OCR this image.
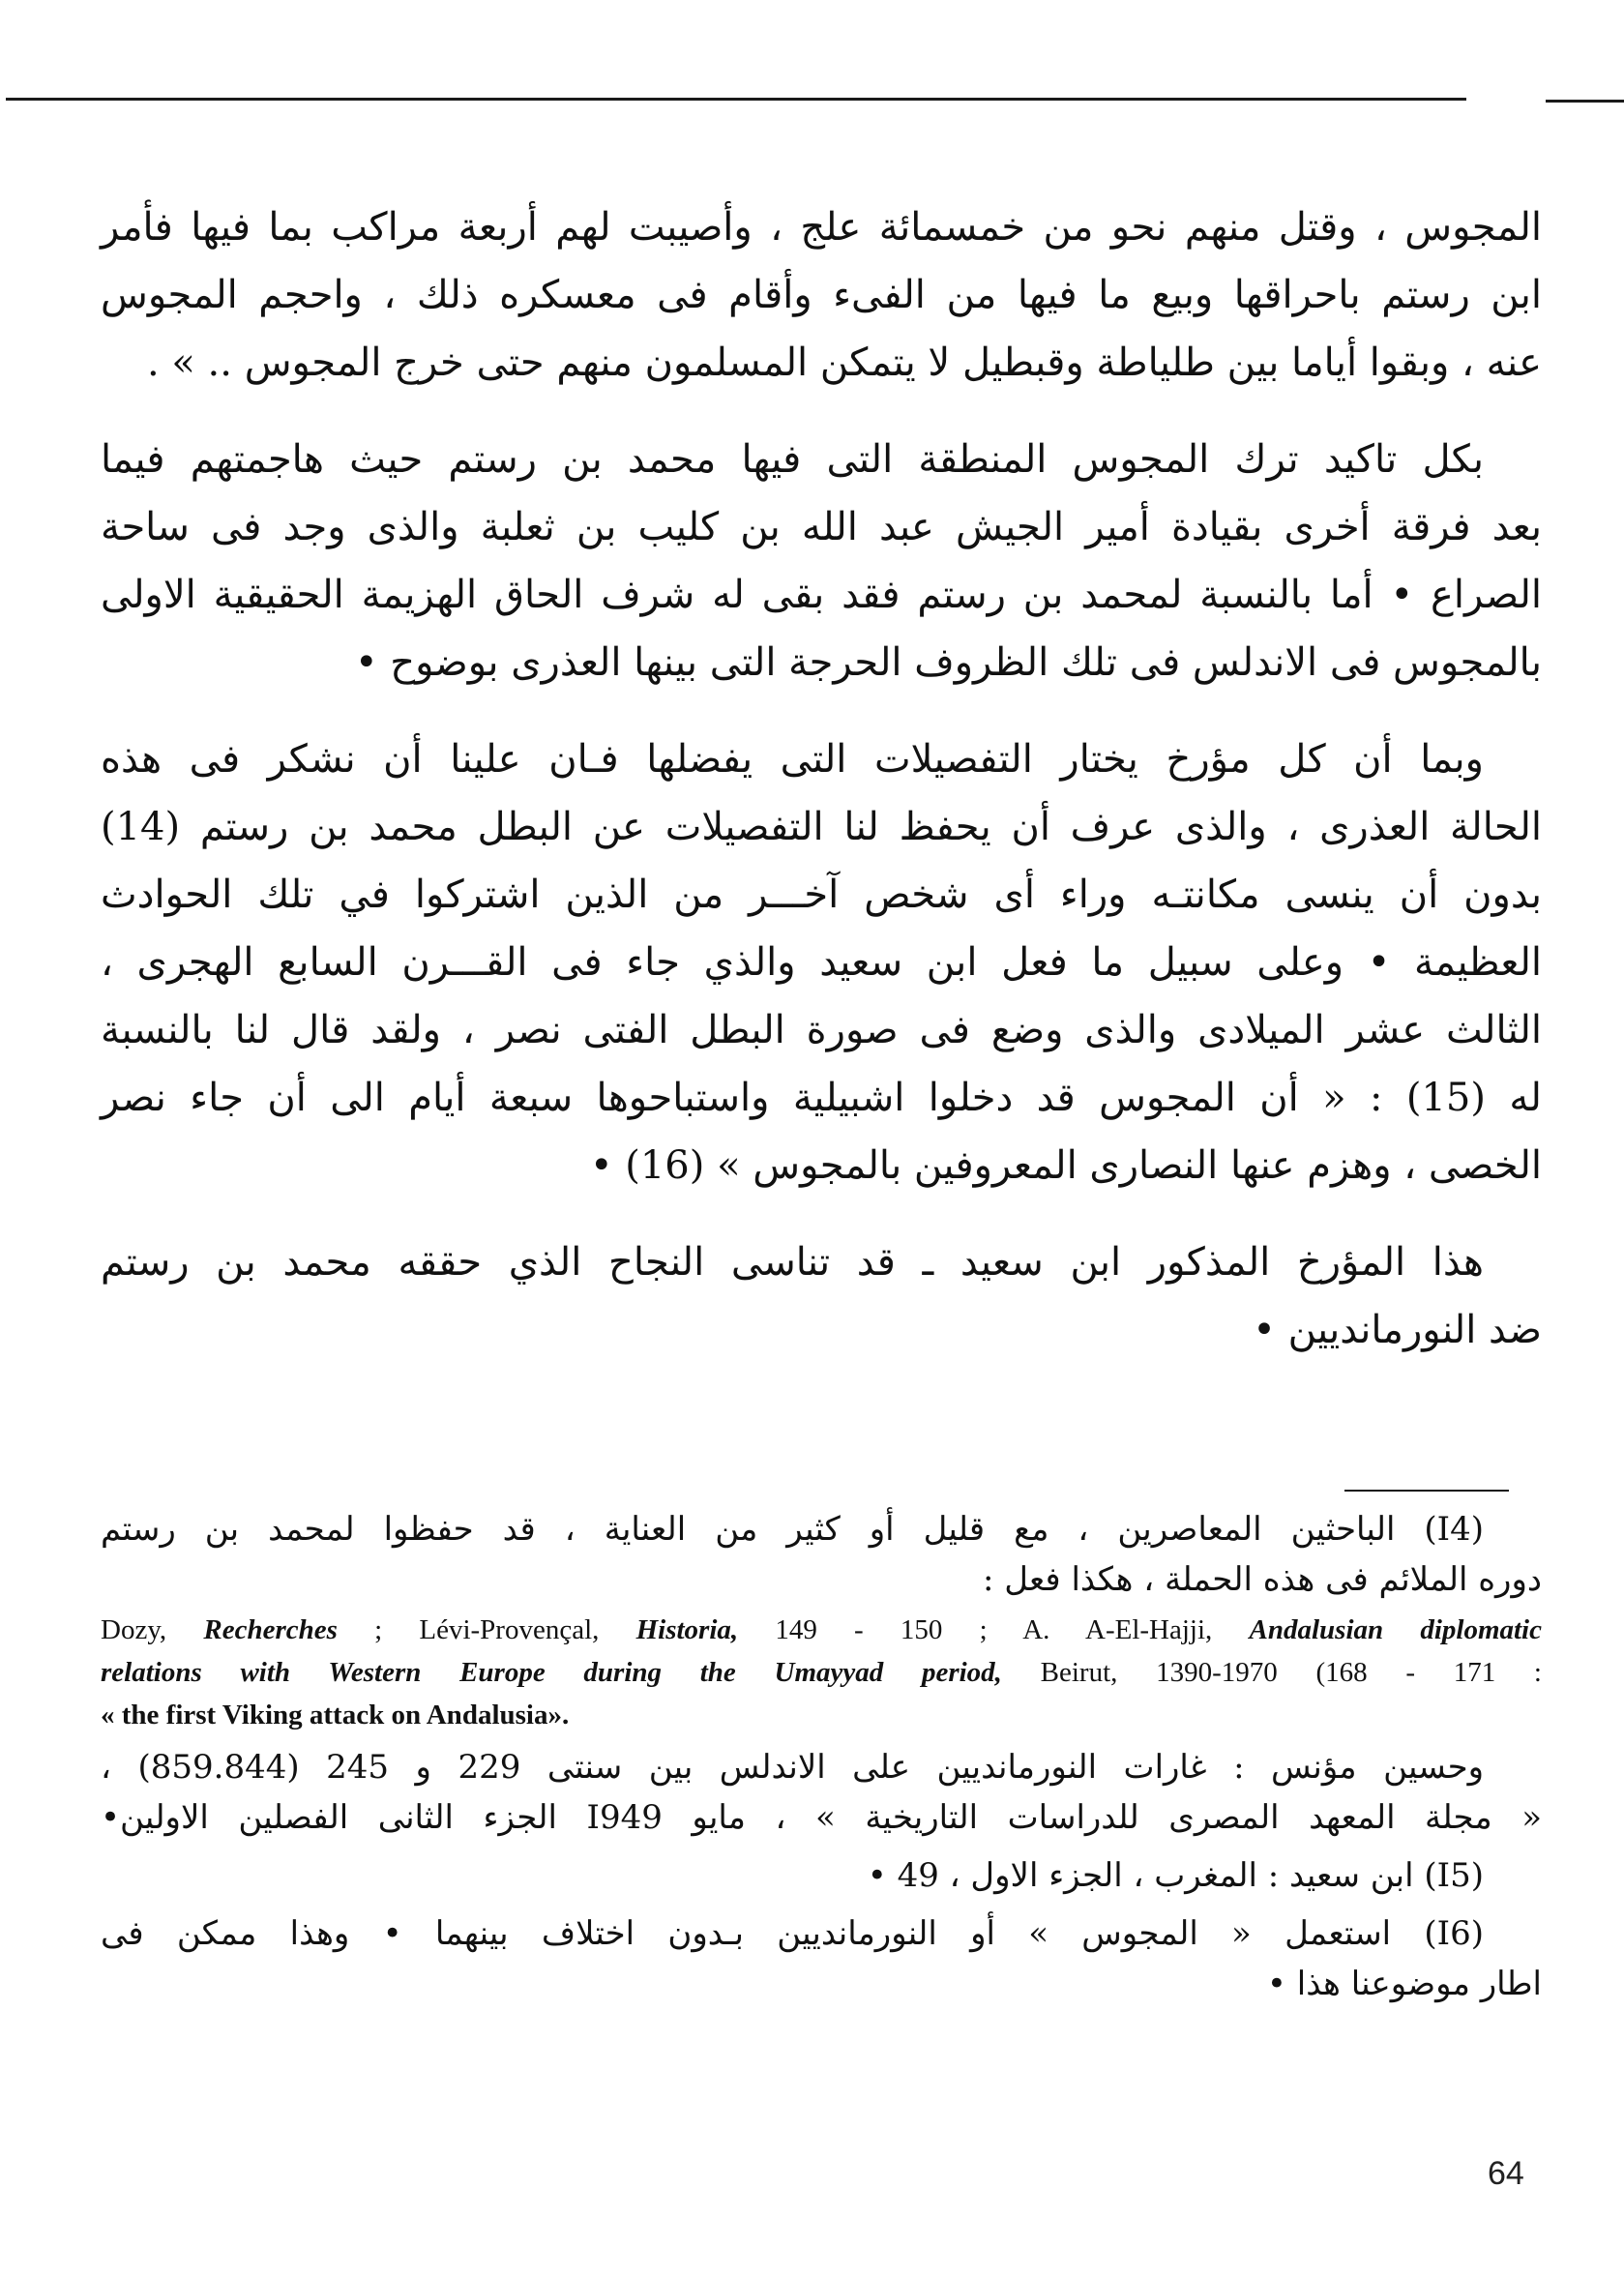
المجوس ، وقتل منهم نحو من خمسمائة علج ، وأصيبت لهم أربعة مراكب بما فيها فأمر
ابن رستم باحراقها وبيع ما فيها من الفىء وأقام فى معسكره ذلك ، واحجم المجوس
عنه ، وبقوا أياما بين طلياطة وقبطيل لا يتمكن المسلمون منهم حتى خرج المجوس .. » .
بكل تاكيد ترك المجوس المنطقة التى فيها محمد بن رستم حيث هاجمتهم فيما
بعد فرقة أخرى بقيادة أمير الجيش عبد الله بن كليب بن ثعلبة والذى وجد فى ساحة
الصراع • أما بالنسبة لمحمد بن رستم فقد بقى له شرف الحاق الهزيمة الحقيقية الاولى
بالمجوس فى الاندلس فى تلك الظروف الحرجة التى بينها العذرى بوضوح •
وبما أن كل مؤرخ يختار التفصيلات التى يفضلها فـان علينا أن نشكر فى هذه
الحالة العذرى ، والذى عرف أن يحفظ لنا التفصيلات عن البطل محمد بن رستم (14)
بدون أن ينسى مكانتـه وراء أى شخص آخـــر من الذين اشتركوا في تلك الحوادث
العظيمة • وعلى سبيل ما فعل ابن سعيد والذي جاء فى القـــرن السابع الهجرى ،
الثالث عشر الميلادى والذى وضع فى صورة البطل الفتى نصر ، ولقد قال لنا بالنسبة
له (15) : « أن المجوس قد دخلوا اشبيلية واستباحوها سبعة أيام الى أن جاء نصر
الخصى ، وهزم عنها النصارى المعروفين بالمجوس » (16) •
هذا المؤرخ المذكور ابن سعيد ـ قد تناسى النجاح الذي حققه محمد بن رستم
ضد النورمانديين •
(I4) الباحثين المعاصرين ، مع قليل أو كثير من العناية ، قد حفظوا لمحمد بن رستم
دوره الملائم فى هذه الحملة ، هكذا فعل :
Dozy, Recherches ; Lévi-Provençal, Historia, 149 - 150 ; A. A-El-Hajji, Andalusian diplomatic
relations with Western Europe during the Umayyad period, Beirut, 1390-1970 (168 - 171 :
« the first Viking attack on Andalusia».
وحسين مؤنس : غارات النورمانديين على الاندلس بين سنتى 229 و 245 (859.844) ،
« مجلة المعهد المصرى للدراسات التاريخية » ، مايو I949 الجزء الثانى الفصلين الاولين•
(I5) ابن سعيد : المغرب ، الجزء الاول ، 49 •
(I6) استعمل « المجوس » أو النورمانديين بـدون اختلاف بينهما • وهذا ممكن فى
اطار موضوعنا هذا •
64
